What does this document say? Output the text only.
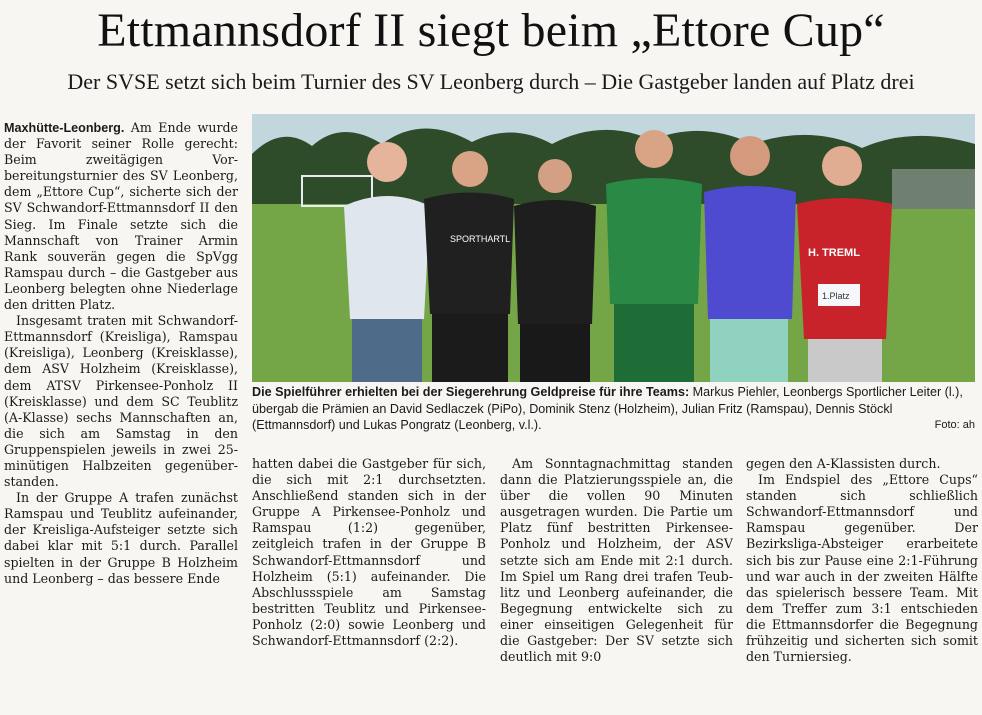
Ettmannsdorf II siegt beim „Ettore Cup“
Der SVSE setzt sich beim Turnier des SV Leonberg durch – Die Gastgeber landen auf Platz drei

Maxhütte-Leonberg. Am Ende wurde der Favorit seiner Rolle gerecht: Beim zweitägigen Vorbereitungsturnier des SV Leonberg, dem „Ettore Cup“, sicherte sich der SV Schwandorf-Ettmannsdorf II den Sieg. Im Finale setzte sich die Mannschaft von Trainer Armin Rank souverän gegen die SpVgg Ramspau durch – die Gastgeber aus Leonberg belegten ohne Niederlage den dritten Platz.

Insgesamt traten mit Schwandorf-Ettmannsdorf (Kreisliga), Ramspau (Kreisliga), Leonberg (Kreisklasse), dem ASV Holzheim (Kreisklasse), dem ATSV Pirkensee-Ponholz II (Kreisklasse) und dem SC Teublitz (A-Klasse) sechs Mannschaften an, die sich am Samstag in den Gruppenspielen jeweils in zwei 25-minütigen Halbzeiten gegenüberstanden.

In der Gruppe A trafen zunächst Ramspau und Teublitz aufeinander, der Kreisliga-Aufsteiger setzte sich dabei klar mit 5:1 durch. Parallel spielten in der Gruppe B Holzheim und Leonberg – das bessere Ende

SPORTHARTL
H. TREML
1.Platz
Die Spielführer erhielten bei der Siegerehrung Geldpreise für ihre Teams: Markus Piehler, Leonbergs Sportlicher Leiter (l.), übergab die Prämien an David Sedlaczek (PiPo), Dominik Stenz (Holzheim), Julian Fritz (Ramspau), Dennis Stöckl (Ettmannsdorf) und Lukas Pongratz (Leonberg, v.l.).	Foto: ah

hatten dabei die Gastgeber für sich, die sich mit 2:1 durchsetzten. Anschließend standen sich in der Gruppe A Pirkensee-Ponholz und Ramspau (1:2) gegenüber, zeitgleich trafen in der Gruppe B Schwandorf-Ettmannsdorf und Holzheim (5:1) aufeinander. Die Abschlussspiele am Samstag bestritten Teublitz und Pirkensee-Ponholz (2:0) sowie Leonberg und Schwandorf-Ettmannsdorf (2:2).

Am Sonntagnachmittag standen dann die Platzierungsspiele an, die über die vollen 90 Minuten ausgetragen wurden. Die Partie um Platz fünf bestritten Pirkensee-Ponholz und Holzheim, der ASV setzte sich am Ende mit 2:1 durch. Im Spiel um Rang drei trafen Teublitz und Leonberg aufeinander, die Begegnung entwickelte sich zu einer einseitigen Gelegenheit für die Gastgeber: Der SV setzte sich deutlich mit 9:0

gegen den A-Klassisten durch.

Im Endspiel des „Ettore Cups“ standen sich schließlich Schwandorf-Ettmannsdorf und Ramspau gegenüber. Der Bezirksliga-Absteiger erarbeitete sich bis zur Pause eine 2:1-Führung und war auch in der zweiten Hälfte das spielerisch bessere Team. Mit dem Treffer zum 3:1 entschieden die Ettmannsdorfer die Begegnung frühzeitig und sicherten sich somit den Turniersieg.
